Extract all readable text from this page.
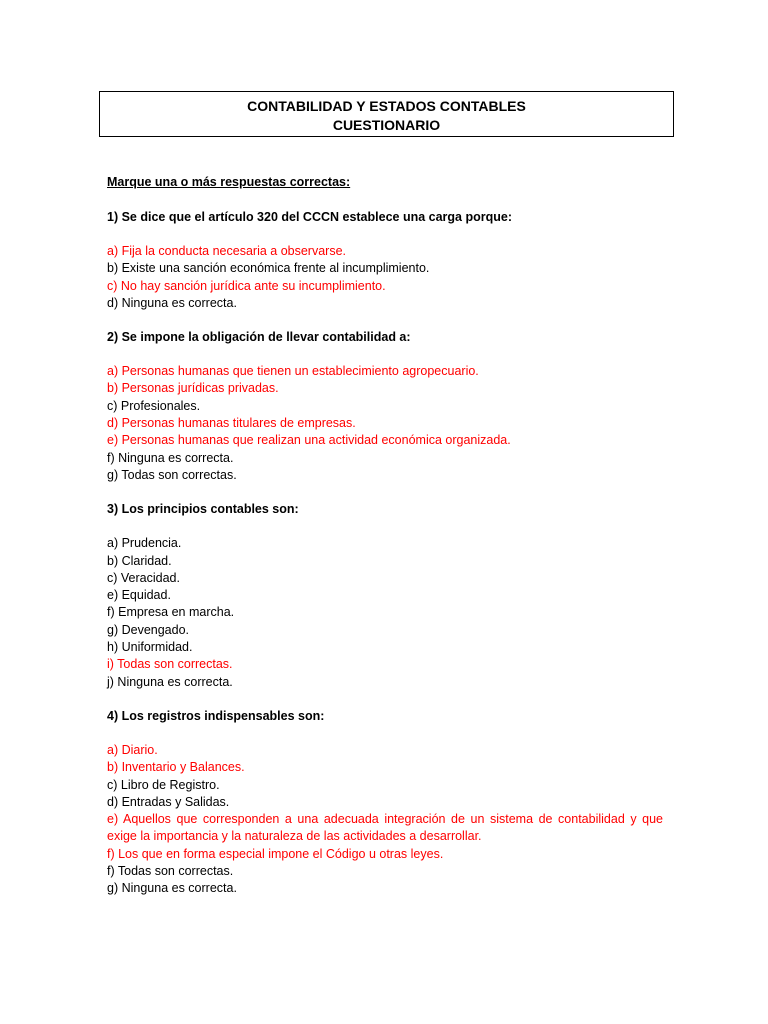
CONTABILIDAD Y ESTADOS CONTABLES
CUESTIONARIO
Marque una o más respuestas correctas:
1) Se dice que el artículo 320 del CCCN establece una carga porque:
a) Fija la conducta necesaria a observarse.
b) Existe una sanción económica frente al incumplimiento.
c) No hay sanción jurídica ante su incumplimiento.
d) Ninguna es correcta.
2) Se impone la obligación de llevar contabilidad a:
a) Personas humanas que tienen un establecimiento agropecuario.
b) Personas jurídicas privadas.
c) Profesionales.
d) Personas humanas titulares de empresas.
e) Personas humanas que realizan una actividad económica organizada.
f) Ninguna es correcta.
g) Todas son correctas.
3) Los principios contables son:
a) Prudencia.
b) Claridad.
c) Veracidad.
e) Equidad.
f) Empresa en marcha.
g) Devengado.
h) Uniformidad.
i) Todas son correctas.
j) Ninguna es correcta.
4) Los registros indispensables son:
a) Diario.
b) Inventario y Balances.
c) Libro de Registro.
d) Entradas y Salidas.
e) Aquellos que corresponden a una adecuada integración de un sistema de contabilidad y que exige la importancia y la naturaleza de las actividades a desarrollar.
f) Los que en forma especial impone el Código u otras leyes.
f) Todas son correctas.
g) Ninguna es correcta.
